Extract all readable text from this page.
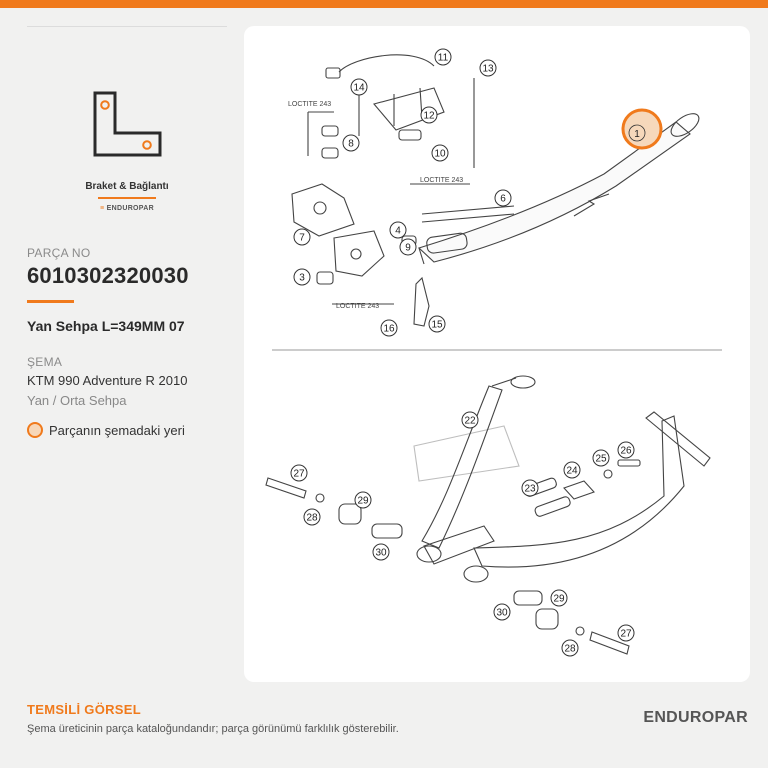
Braket & Bağlantı
≡ ENDUROPAR
PARÇA NO
6010302320030
Yan Sehpa L=349MM 07
ŞEMA
KTM 990 Adventure R 2010
Yan / Orta Sehpa
Parçanın şemadaki yeri
LOCTITE 243
LOCTITE 243
LOCTITE 243
3
4
6
7
8
9
10
11
12
13
14
15
16
22
23
24
25
26
27
28
29
30
30
29
27
28
1
TEMSİLİ GÖRSEL
Şema üreticinin parça kataloğundandır; parça görünümü farklılık gösterebilir.
ENDUROPAR
